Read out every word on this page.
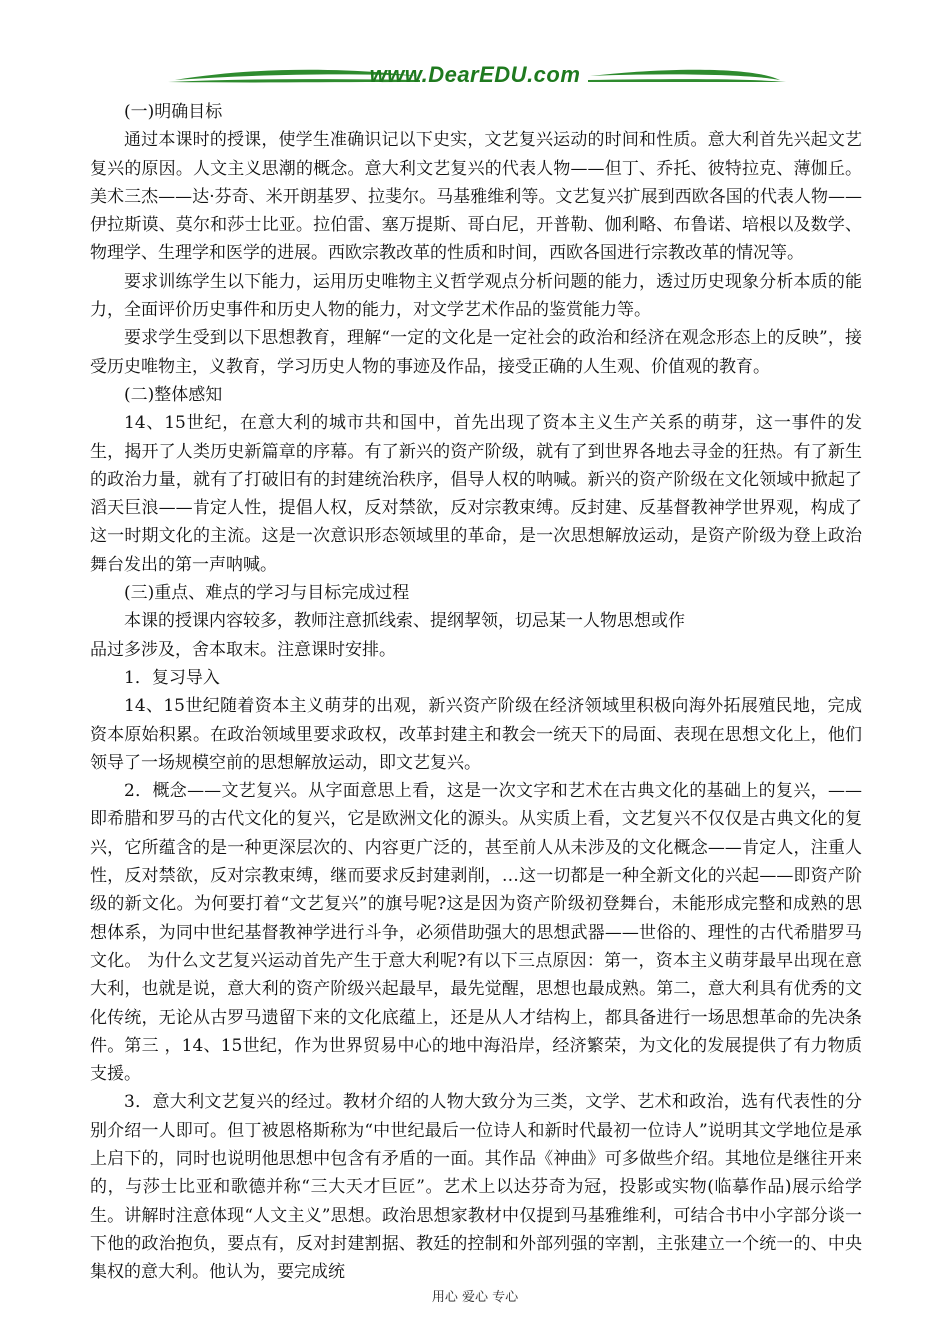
www.DearEDU.com

(一)明确目标

通过本课时的授课，使学生准确识记以下史实，文艺复兴运动的时间和性质。意大利首先兴起文艺复兴的原因。人文主义思潮的概念。意大利文艺复兴的代表人物——但丁、乔托、彼特拉克、薄伽丘。美术三杰——达·芬奇、米开朗基罗、拉斐尔。马基雅维利等。文艺复兴扩展到西欧各国的代表人物——伊拉斯谟、莫尔和莎士比亚。拉伯雷、塞万提斯、哥白尼，开普勒、伽利略、布鲁诺、培根以及数学、物理学、生理学和医学的进展。西欧宗教改革的性质和时间，西欧各国进行宗教改革的情况等。

要求训练学生以下能力，运用历史唯物主义哲学观点分析问题的能力，透过历史现象分析本质的能力，全面评价历史事件和历史人物的能力，对文学艺术作品的鉴赏能力等。

要求学生受到以下思想教育，理解“一定的文化是一定社会的政治和经济在观念形态上的反映”，接受历史唯物主，义教育，学习历史人物的事迹及作品，接受正确的人生观、价值观的教育。

(二)整体感知

14、15世纪，在意大利的城市共和国中，首先出现了资本主义生产关系的萌芽，这一事件的发生，揭开了人类历史新篇章的序幕。有了新兴的资产阶级，就有了到世界各地去寻金的狂热。有了新生的政治力量，就有了打破旧有的封建统治秩序，倡导人权的呐喊。新兴的资产阶级在文化领域中掀起了滔天巨浪——肯定人性，提倡人权，反对禁欲，反对宗教束缚。反封建、反基督教神学世界观，构成了这一时期文化的主流。这是一次意识形态领域里的革命，是一次思想解放运动，是资产阶级为登上政治舞台发出的第一声呐喊。

(三)重点、难点的学习与目标完成过程

本课的授课内容较多，教师注意抓线索、提纲挈领，切忌某一人物思想或作

品过多涉及，舍本取末。注意课时安排。

1．复习导入

14、15世纪随着资本主义萌芽的出观，新兴资产阶级在经济领域里积极向海外拓展殖民地，完成资本原始积累。在政治领域里要求政权，改革封建主和教会一统天下的局面、表现在思想文化上，他们领导了一场规模空前的思想解放运动，即文艺复兴。

2．概念——文艺复兴。从字面意思上看，这是一次文字和艺术在古典文化的基础上的复兴，——即希腊和罗马的古代文化的复兴，它是欧洲文化的源头。从实质上看，文艺复兴不仅仅是古典文化的复兴，它所蕴含的是一种更深层次的、内容更广泛的，甚至前人从未涉及的文化概念——肯定人，注重人性，反对禁欲，反对宗教束缚，继而要求反封建剥削，…这一切都是一种全新文化的兴起——即资产阶级的新文化。为何要打着“文艺复兴”的旗号呢?这是因为资产阶级初登舞台，未能形成完整和成熟的思想体系，为同中世纪基督教神学进行斗争，必须借助强大的思想武器——世俗的、理性的古代希腊罗马文化。 为什么文艺复兴运动首先产生于意大利呢?有以下三点原因：第一，资本主义萌芽最早出现在意大利，也就是说，意大利的资产阶级兴起最早，最先觉醒，思想也最成熟。第二，意大利具有优秀的文化传统，无论从古罗马遗留下来的文化底蕴上，还是从人才结构上，都具备进行一场思想革命的先决条件。第三 ，14、15世纪，作为世界贸易中心的地中海沿岸，经济繁荣，为文化的发展提供了有力物质支援。

3．意大利文艺复兴的经过。教材介绍的人物大致分为三类，文学、艺术和政治，选有代表性的分别介绍一人即可。但丁被恩格斯称为“中世纪最后一位诗人和新时代最初一位诗人”说明其文学地位是承上启下的，同时也说明他思想中包含有矛盾的一面。其作品《神曲》可多做些介绍。其地位是继往开来的，与莎士比亚和歌德并称“三大天才巨匠”。艺术上以达芬奇为冠，投影或实物(临摹作品)展示给学生。讲解时注意体现“人文主义”思想。政治思想家教材中仅提到马基雅维利，可结合书中小字部分谈一下他的政治抱负，要点有，反对封建割据、教廷的控制和外部列强的宰割，主张建立一个统一的、中央集权的意大利。他认为，要完成统

用心 爱心 专心
